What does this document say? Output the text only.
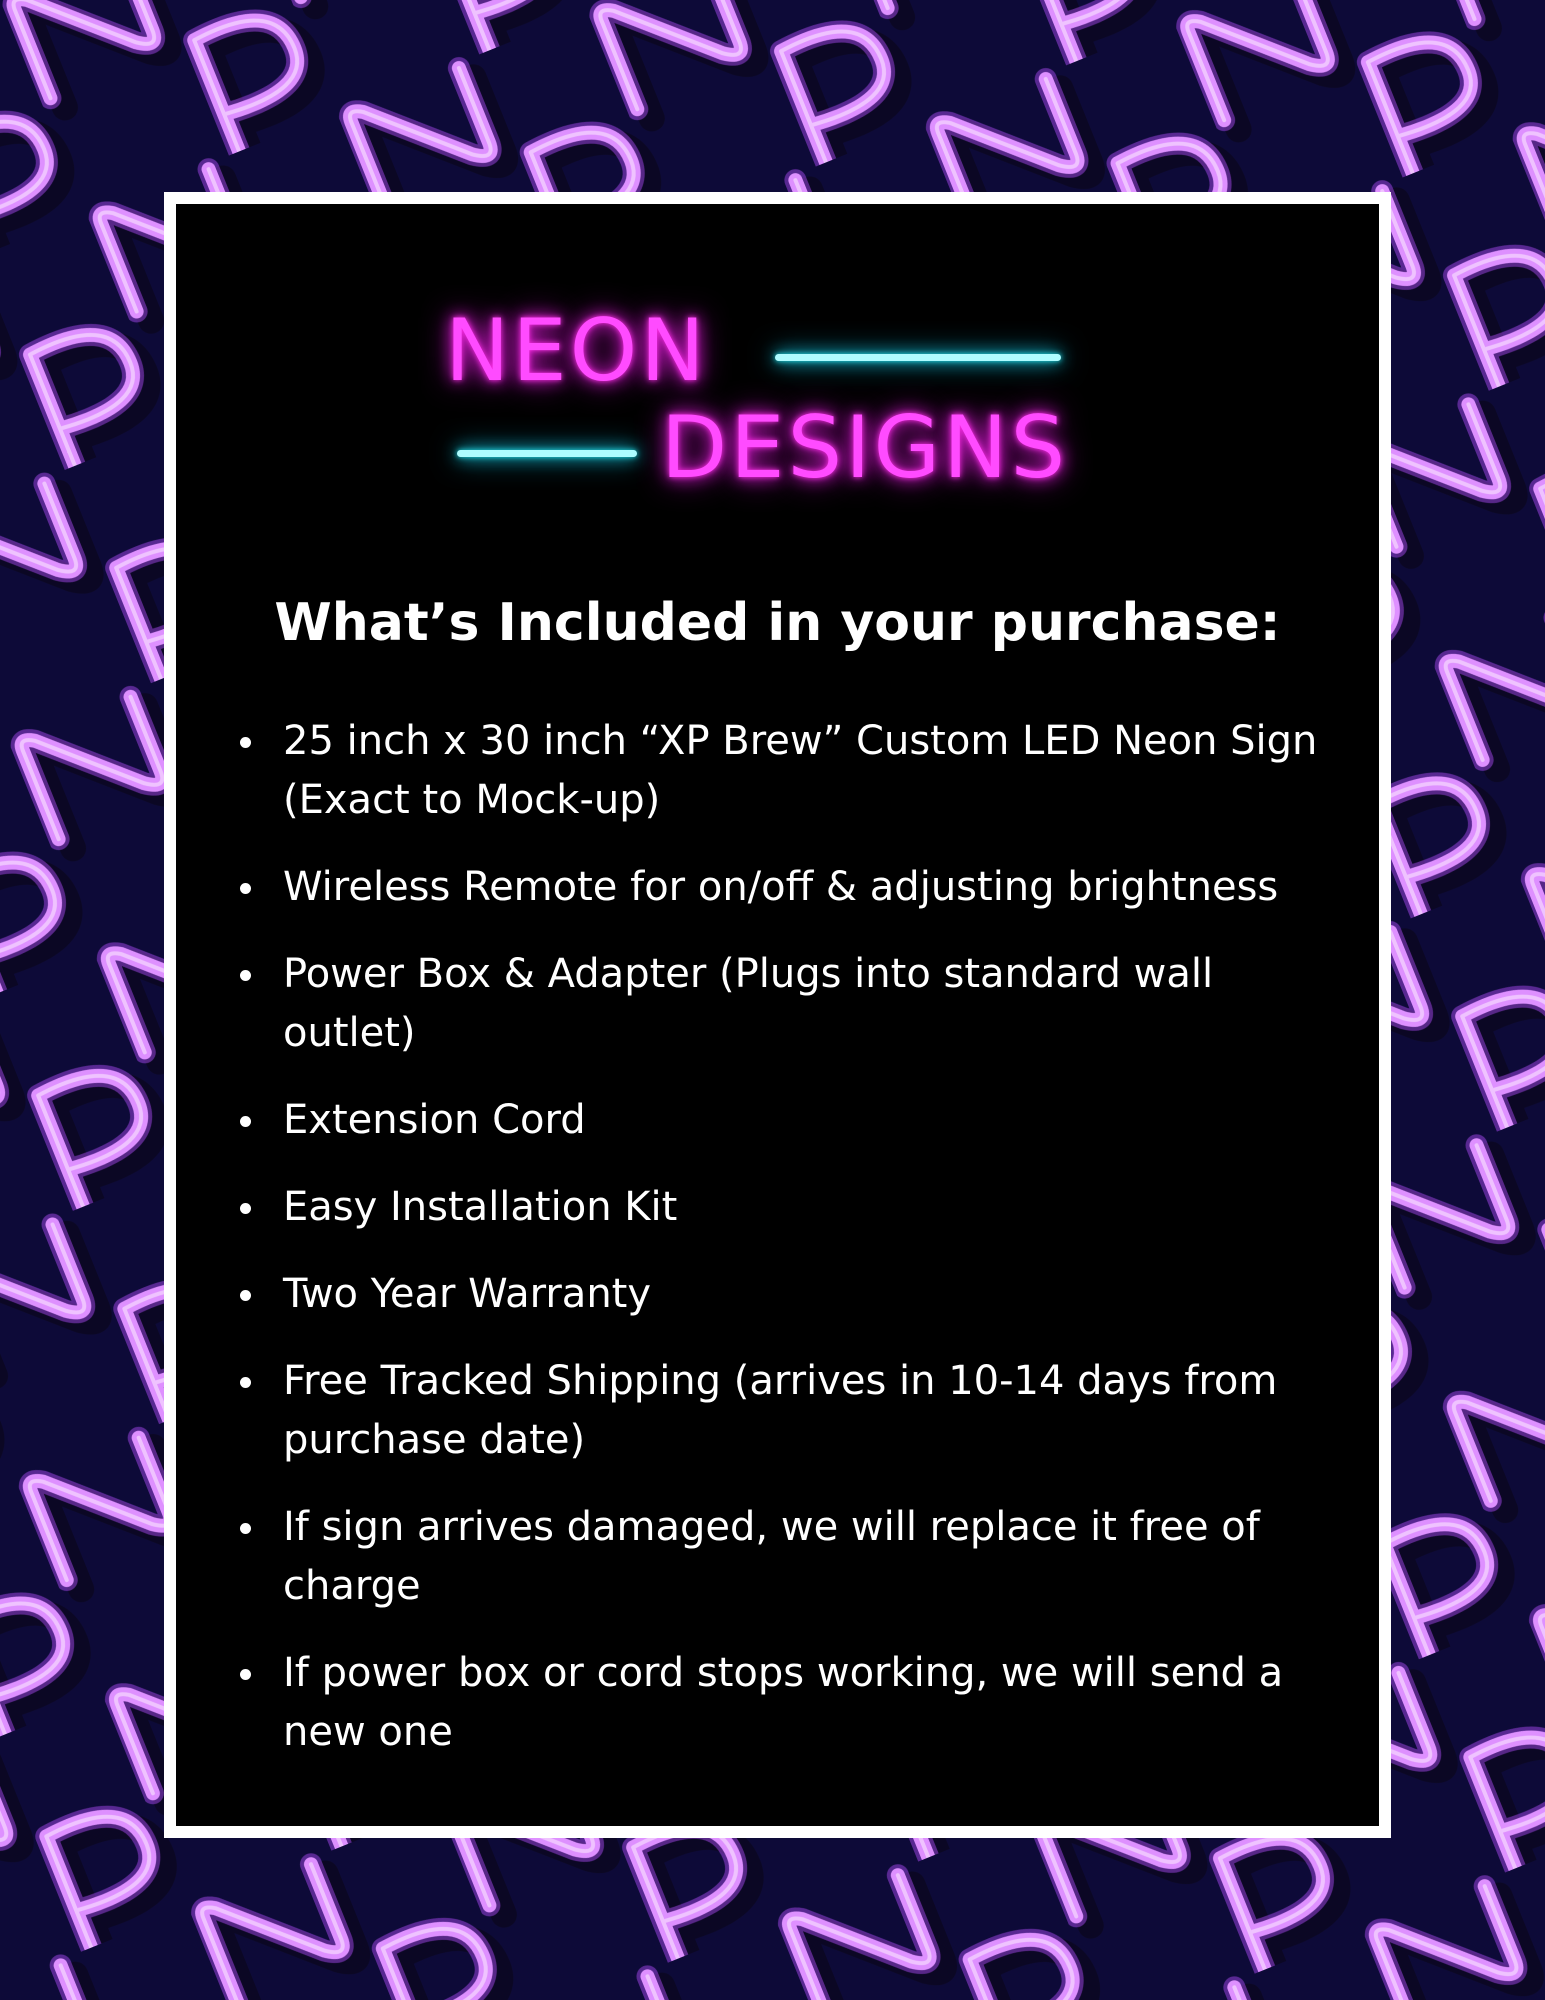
NEON
DESIGNS
What’s Included in your purchase:
25 inch x 30 inch “XP Brew” Custom LED Neon Sign (Exact to Mock-up)
Wireless Remote for on/off & adjusting brightness
Power Box & Adapter (Plugs into standard wall outlet)
Extension Cord
Easy Installation Kit
Two Year Warranty
Free Tracked Shipping (arrives in 10-14 days from purchase date)
If sign arrives damaged, we will replace it free of charge
If power box or cord stops working, we will send a new one
